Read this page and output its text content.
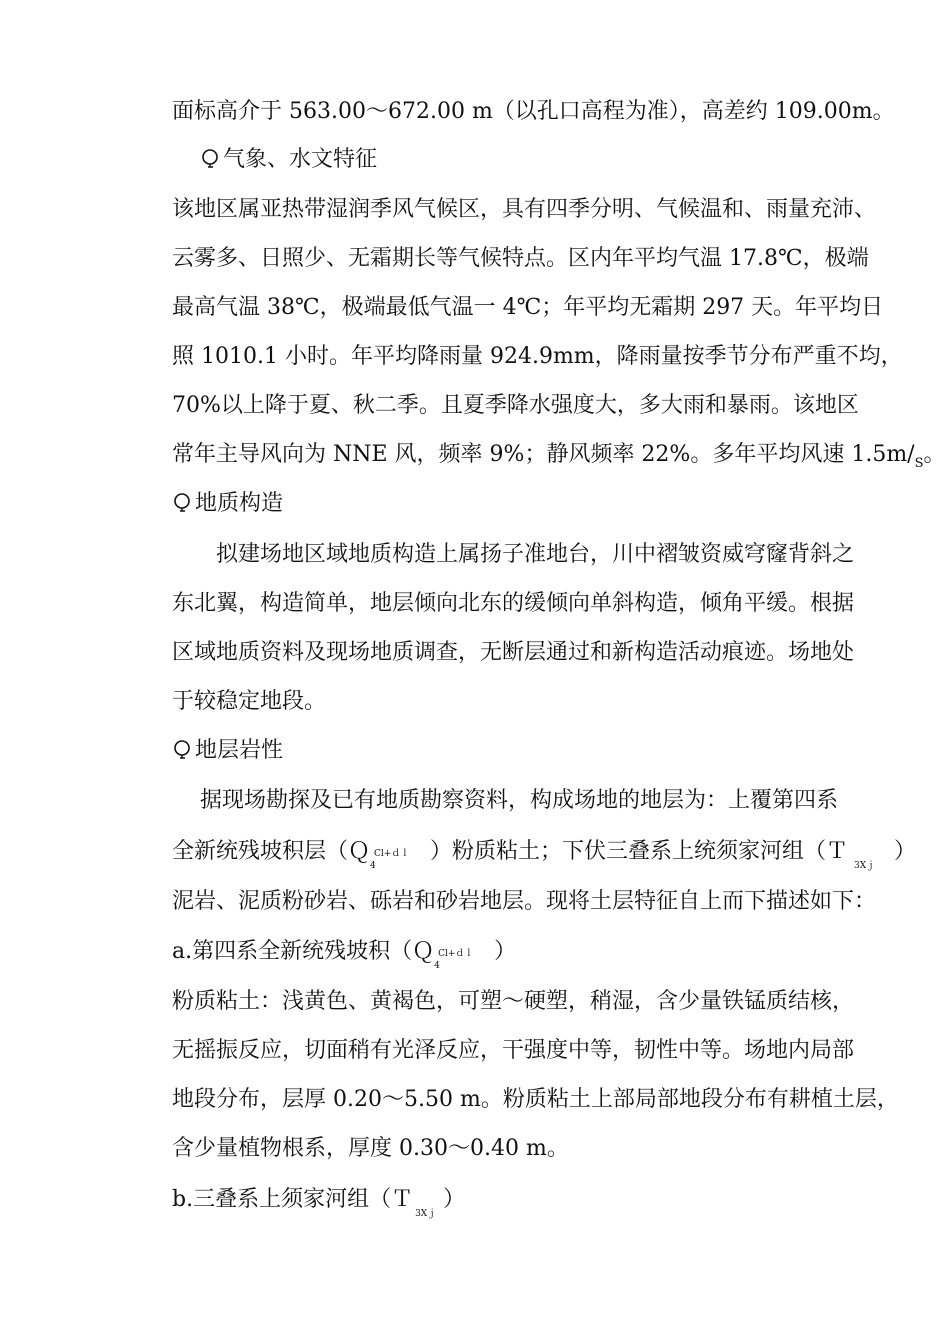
面标高介于 563.00～672.00 m（以孔口高程为准），高差约 109.00m。
气象、水文特征
该地区属亚热带湿润季风气候区，具有四季分明、气候温和、雨量充沛、
云雾多、日照少、无霜期长等气候特点。区内年平均气温 17.8℃，极端
最高气温 38℃，极端最低气温一 4℃；年平均无霜期 297 天。年平均日
照 1010.1 小时。年平均降雨量 924.9mm，降雨量按季节分布严重不均，
70%以上降于夏、秋二季。且夏季降水强度大，多大雨和暴雨。该地区
常年主导风向为 NNE 风，频率 9%；静风频率 22%。多年平均风速 $1.5m/_S$。
地质构造
拟建场地区域地质构造上属扬子准地台，川中褶皱资威穹窿背斜之
东北翼，构造简单，地层倾向北东的缓倾向单斜构造，倾角平缓。根据
区域地质资料及现场地质调查，无断层通过和新构造活动痕迹。场地处
于较稳定地段。
地层岩性
据现场勘探及已有地质勘察资料，构成场地的地层为：上覆第四系
全新统残坡积层（Ｑ Cl+ｄｌ
4
）粉质粘土；下伏三叠系上统须家河组（Ｔ
3Xｊ
）
泥岩、泥质粉砂岩、砾岩和砂岩地层。现将土层特征自上而下描述如下：
a.第四系全新统残坡积（Ｑ Cl+ｄｌ
4
）
粉质粘土：浅黄色、黄褐色，可塑～硬塑，稍湿，含少量铁锰质结核，
无摇振反应，切面稍有光泽反应，干强度中等，韧性中等。场地内局部
地段分布，层厚 0.20～5.50 m。粉质粘土上部局部地段分布有耕植土层，
含少量植物根系，厚度 0.30～0.40 m。
b.三叠系上须家河组（Ｔ
3Xｊ
）
